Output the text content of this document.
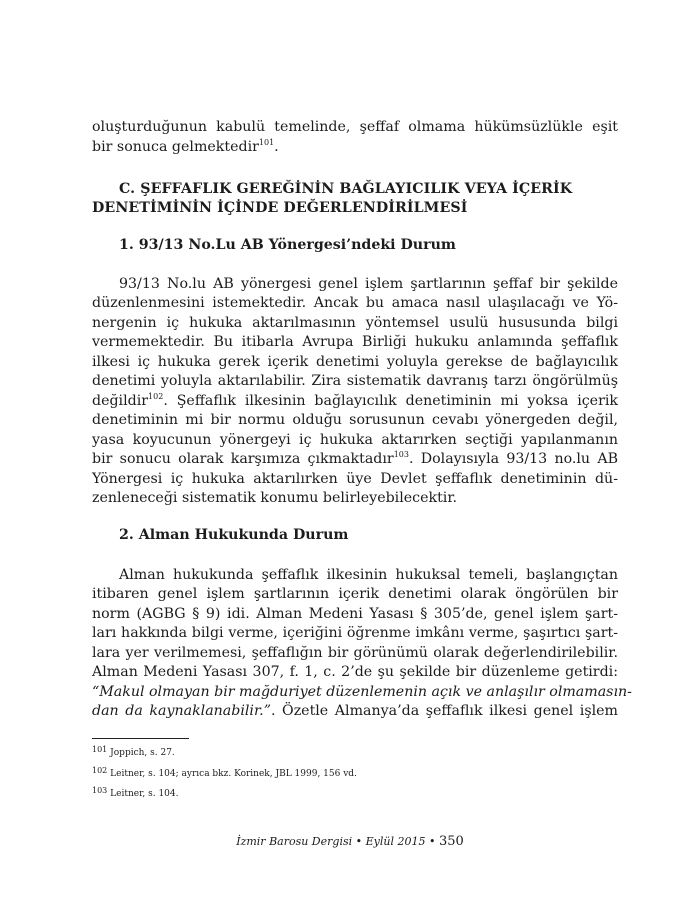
oluşturduğunun kabulü temelinde, şeffaf olmama hükümsüzlükle eşit
bir sonuca gelmektedir$^{101}$.
C. ŞEFFAFLIK GEREĞİNİN BAĞLAYICILIK VEYA İÇERİK
DENETİMİNİN İÇİNDE DEĞERLENDİRİLMESİ
1. 93/13 No.Lu AB Yönergesi’ndeki Durum
93/13 No.lu AB yönergesi genel işlem şartlarının şeffaf bir şekilde
düzenlenmesini istemektedir. Ancak bu amaca nasıl ulaşılacağı ve Yö-
nergenin iç hukuka aktarılmasının yöntemsel usulü hususunda bilgi
vermemektedir. Bu itibarla Avrupa Birliği hukuku anlamında şeffaflık
ilkesi iç hukuka gerek içerik denetimi yoluyla gerekse de bağlayıcılık
denetimi yoluyla aktarılabilir. Zira sistematik davranış tarzı öngörülmüş
değildir$^{102}$. Şeffaflık ilkesinin bağlayıcılık denetiminin mi yoksa içerik
denetiminin mi bir normu olduğu sorusunun cevabı yönergeden değil,
yasa koyucunun yönergeyi iç hukuka aktarırken seçtiği yapılanmanın
bir sonucu olarak karşımıza çıkmaktadır$^{103}$. Dolayısıyla 93/13 no.lu AB
Yönergesi iç hukuka aktarılırken üye Devlet şeffaflık denetiminin dü-
zenleneceği sistematik konumu belirleyebilecektir.
2. Alman Hukukunda Durum
Alman hukukunda şeffaflık ilkesinin hukuksal temeli, başlangıçtan
itibaren genel işlem şartlarının içerik denetimi olarak öngörülen bir
norm (AGBG § 9) idi. Alman Medeni Yasası § 305’de, genel işlem şart-
ları hakkında bilgi verme, içeriğini öğrenme imkânı verme, şaşırtıcı şart-
lara yer verilmemesi, şeffaflığın bir görünümü olarak değerlendirilebilir.
Alman Medeni Yasası 307, f. 1, c. 2’de şu şekilde bir düzenleme getirdi:
“Makul olmayan bir mağduriyet düzenlemenin açık ve anlaşılır olmamasın-
dan da kaynaklanabilir.”. Özetle Almanya’da şeffaflık ilkesi genel işlem
101 Joppich, s. 27.
102 Leitner, s. 104; ayrıca bkz. Korinek, JBL 1999, 156 vd.
103 Leitner, s. 104.
İzmir Barosu Dergisi • Eylül 2015 • 350
